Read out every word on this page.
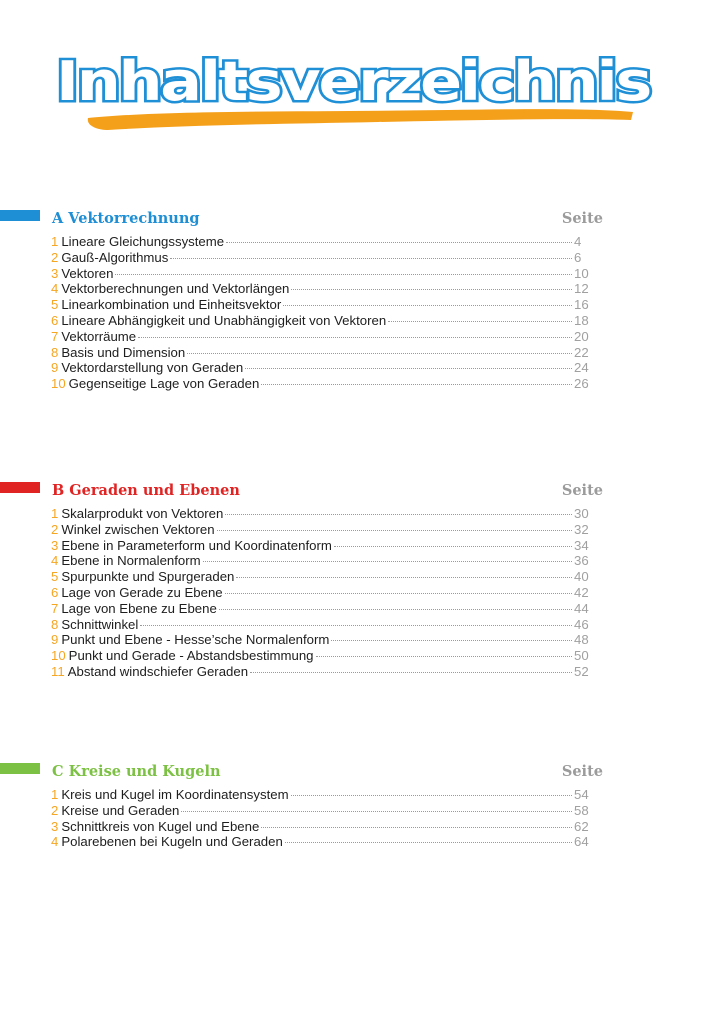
Inhaltsverzeichnis
A Vektorrechnung	Seite
1 Lineare Gleichungssysteme	4
2 Gauß-Algorithmus	6
3 Vektoren	10
4 Vektorberechnungen und Vektorlängen	12
5 Linearkombination und Einheitsvektor	16
6 Lineare Abhängigkeit und Unabhängigkeit von Vektoren	18
7 Vektorräume	20
8 Basis und Dimension	22
9 Vektordarstellung von Geraden	24
10 Gegenseitige Lage von Geraden	26
B Geraden und Ebenen	Seite
1 Skalarprodukt von Vektoren	30
2 Winkel zwischen Vektoren	32
3 Ebene in Parameterform und Koordinatenform	34
4 Ebene in Normalenform	36
5 Spurpunkte und Spurgeraden	40
6 Lage von Gerade zu Ebene	42
7 Lage von Ebene zu Ebene	44
8 Schnittwinkel	46
9 Punkt und Ebene - Hesse’sche Normalenform	48
10 Punkt und Gerade - Abstandsbestimmung	50
11 Abstand windschiefer Geraden	52
C Kreise und Kugeln	Seite
1 Kreis und Kugel im Koordinatensystem	54
2 Kreise und Geraden	58
3 Schnittkreis von Kugel und Ebene	62
4 Polarebenen bei Kugeln und Geraden	64
